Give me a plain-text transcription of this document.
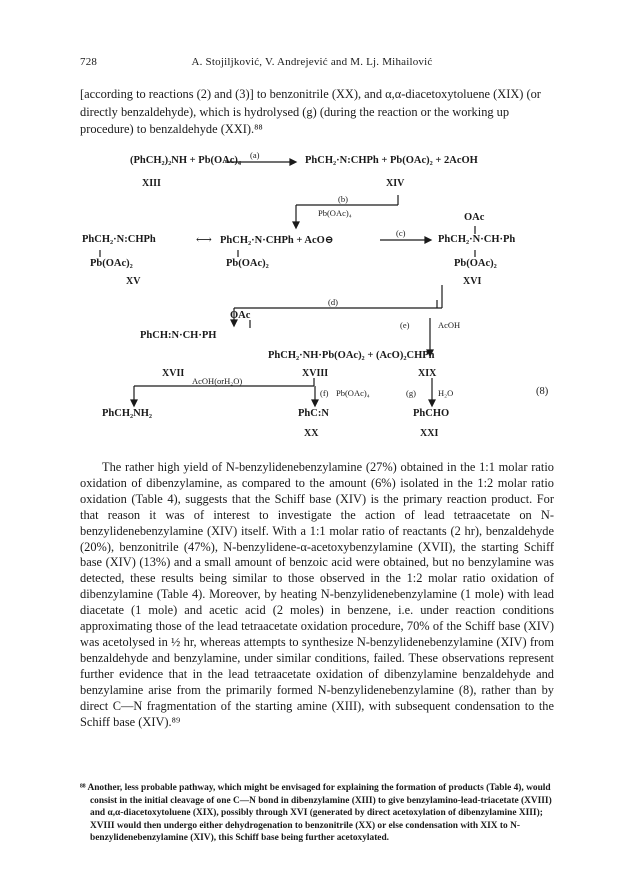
728	A. Stojiljković, V. Andrejević and M. Lj. Mihailović
[according to reactions (2) and (3)] to benzonitrile (XX), and α,α-diacetoxytoluene (XIX) (or directly benzaldehyde), which is hydrolysed (g) (during the reaction or the working up procedure) to benzaldehyde (XXI).⁸⁸
(PhCH₂)₂NH + Pb(OAc)₄ (a)	PhCH₂·N:CHPh + Pb(OAc)₂ + 2AcOH
XIII	XIV
(b)
Pb(OAc)₄
PhCH₂·N:CHPh
Pb(OAc)₂
⟷ PhCH₂·N·CHPh + AcO⊖
Pb(OAc)₂
(c)
OAc
PhCH₂·N·CH·Ph
Pb(OAc)₂
XV	XVI
(d)
OAc
PhCH:N·CH·PH
(e)	AcOH
PhCH₂·NH·Pb(OAc)₂ + (AcO)₂CHPh
XVII	XVIII	XIX
AcOH(orH₂O)
(f) Pb(OAc)₄	(g)	H₂O	(8)
PhCH₂NH₂	PhC:N	PhCHO
XX	XXI

The rather high yield of N-benzylidenebenzylamine (27%) obtained in the 1:1 molar ratio oxidation of dibenzylamine, as compared to the amount (6%) isolated in the 1:2 molar ratio oxidation (Table 4), suggests that the Schiff base (XIV) is the primary reaction product. For that reason it was of interest to investigate the action of lead tetraacetate on N-benzylidenebenzylamine (XIV) itself. With a 1:1 molar ratio of reactants (2 hr), benzaldehyde (20%), benzonitrile (47%), N-benzylidene-α-acetoxybenzylamine (XVII), the starting Schiff base (XIV) (13%) and a small amount of benzoic acid were obtained, but no benzylamine was detected, these results being similar to those observed in the 1:2 molar ratio oxidation of dibenzylamine (Table 4). Moreover, by heating N-benzylidenebenzylamine (1 mole) with lead diacetate (1 mole) and acetic acid (2 moles) in benzene, i.e. under reaction conditions approximating those of the lead tetraacetate oxidation procedure, 70% of the Schiff base (XIV) was acetolysed in ½ hr, whereas attempts to synthesize N-benzylidenebenzylamine (XIV) from benzaldehyde and benzylamine, under similar conditions, failed. These observations represent further evidence that in the lead tetraacetate oxidation of dibenzylamine benzaldehyde and benzylamine arise from the primarily formed N-benzylidenebenzylamine (8), rather than by direct C—N fragmentation of the starting amine (XIII), with subsequent condensation to the Schiff base (XIV).⁸⁹

⁸⁸ Another, less probable pathway, which might be envisaged for explaining the formation of products (Table 4), would consist in the initial cleavage of one C—N bond in dibenzylamine (XIII) to give benzylamino-lead-triacetate (XVIII) and α,α-diacetoxytoluene (XIX), possibly through XVI (generated by direct acetoxylation of dibenzylamine XIII); XVIII would then undergo either dehydrogenation to benzonitrile (XX) or else condensation with XIX to N-benzylidenebenzylamine (XIV), this Schiff base being further acetoxylated.
